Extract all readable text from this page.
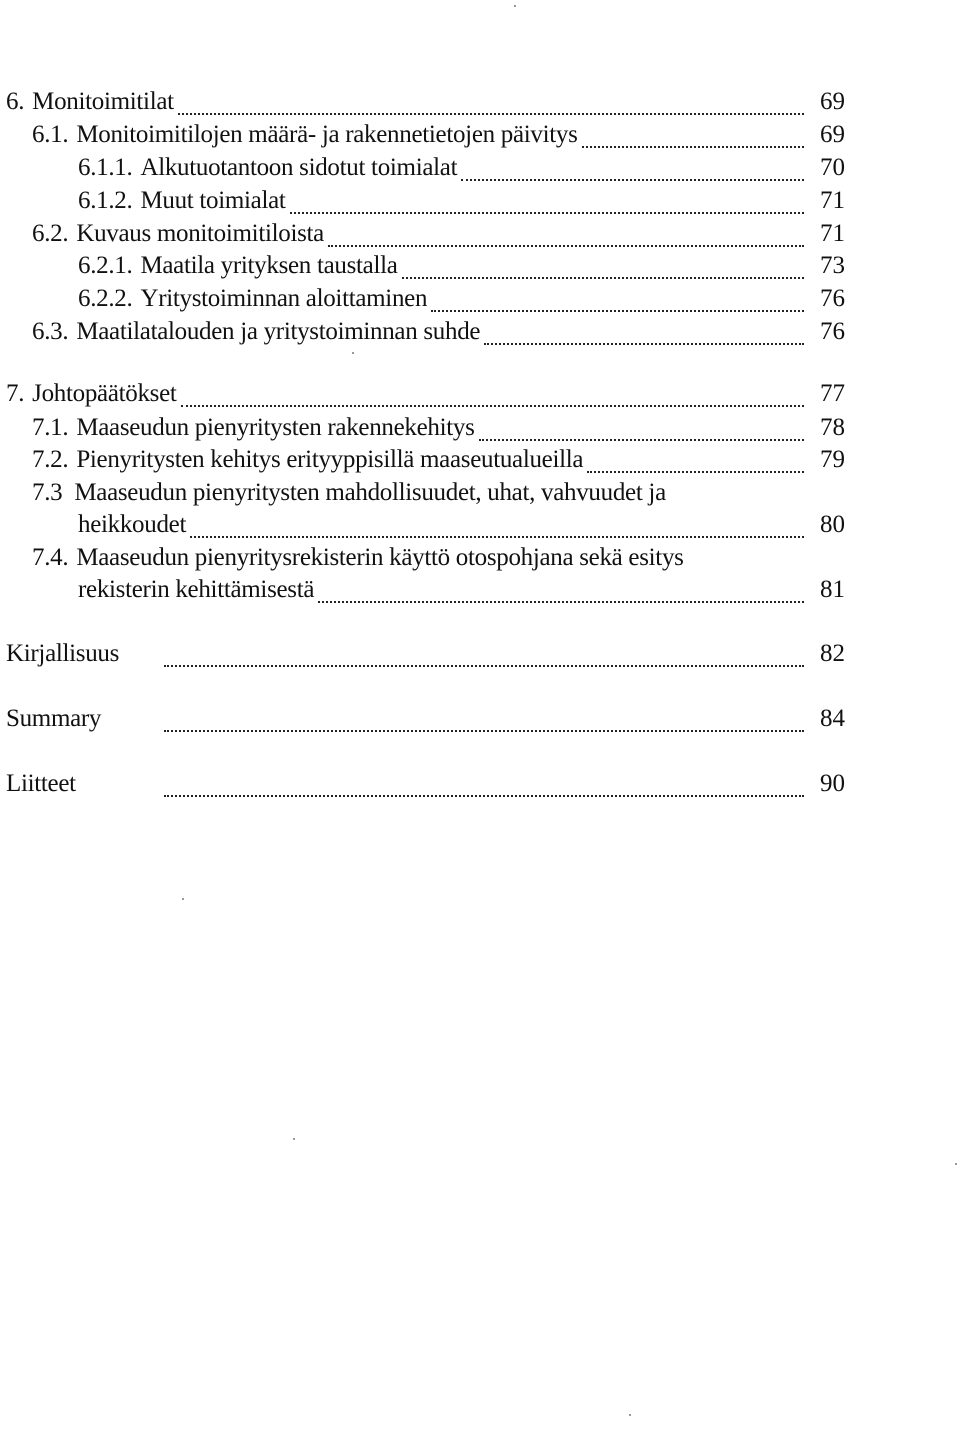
6. Monitoimitilat	69
6.1. Monitoimitilojen määrä- ja rakennetietojen päivitys	69
6.1.1. Alkutuotantoon sidotut toimialat	70
6.1.2. Muut toimialat	71
6.2. Kuvaus monitoimitiloista	71
6.2.1. Maatila yrityksen taustalla	73
6.2.2. Yritystoiminnan aloittaminen	76
6.3. Maatilatalouden ja yritystoiminnan suhde	76
7. Johtopäätökset	77
7.1. Maaseudun pienyritysten rakennekehitys	78
7.2. Pienyritysten kehitys erityyppisillä maaseutualueilla	79
7.3 Maaseudun pienyritysten mahdollisuudet, uhat, vahvuudet ja
heikkoudet	80
7.4. Maaseudun pienyritysrekisterin käyttö otospohjana sekä esitys
rekisterin kehittämisestä	81
Kirjallisuus	82
Summary	84
Liitteet	90
